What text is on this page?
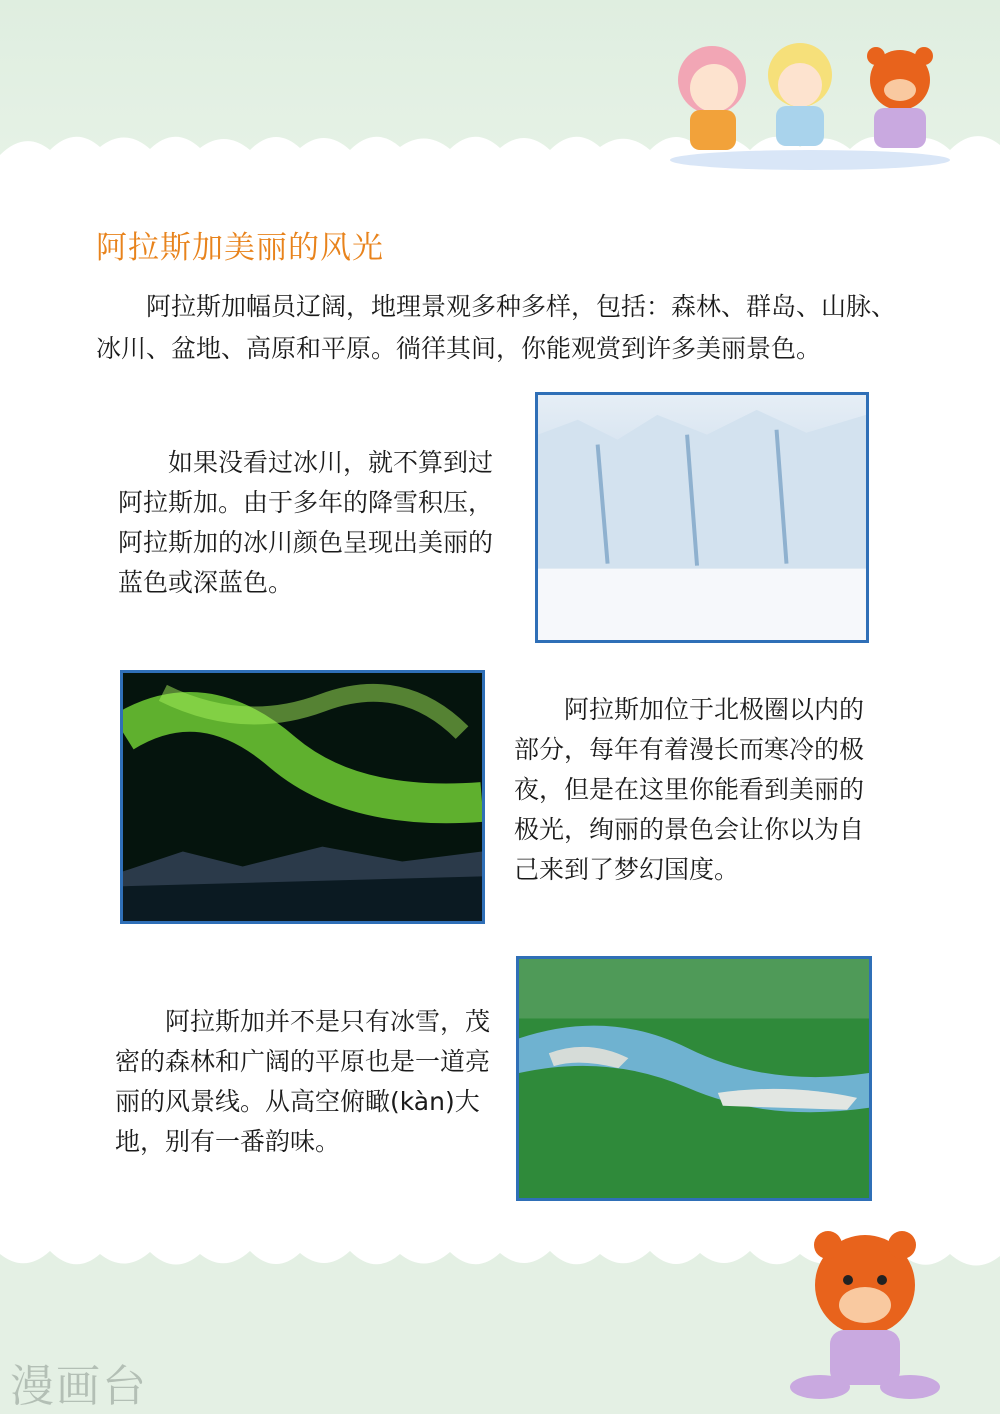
阿拉斯加美丽的风光
阿拉斯加幅员辽阔，地理景观多种多样，包括：森林、群岛、山脉、冰川、盆地、高原和平原。徜徉其间，你能观赏到许多美丽景色。
如果没看过冰川，就不算到过阿拉斯加。由于多年的降雪积压，阿拉斯加的冰川颜色呈现出美丽的蓝色或深蓝色。
阿拉斯加位于北极圈以内的部分，每年有着漫长而寒冷的极夜，但是在这里你能看到美丽的极光，绚丽的景色会让你以为自己来到了梦幻国度。
阿拉斯加并不是只有冰雪，茂密的森林和广阔的平原也是一道亮丽的风景线。从高空俯瞰(kàn)大地，别有一番韵味。
漫画台
